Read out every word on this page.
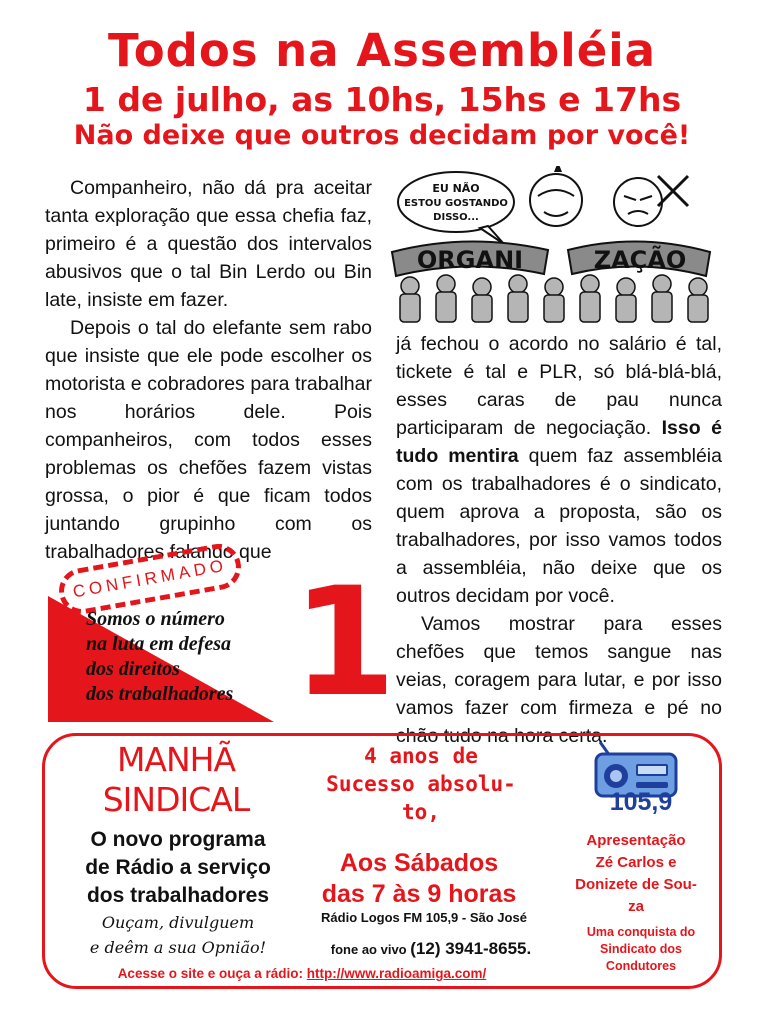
Todos na Assembléia
1 de julho, as 10hs, 15hs e 17hs
Não deixe que outros decidam por você!

Companheiro, não dá pra aceitar tanta exploração que essa chefia faz, primeiro é a questão dos intervalos abusivos que o tal Bin Lerdo ou Bin late, insiste em fazer.

Depois o tal do elefante sem rabo que insiste que ele pode escolher os motorista e cobradores para trabalhar nos horários dele. Pois companheiros, com todos esses problemas os chefões fazem vistas grossa, o pior é que ficam todos juntando grupinho com os trabalhadores falando que

EU NÃO
ESTOU GOSTANDO
DISSO...
ORGANI	ZAÇÃO

já fechou o acordo no salário é tal, tickete é tal e PLR, só blá-blá-blá, esses caras de pau nunca participaram de negociação. Isso é tudo mentira quem faz assembléia com os trabalhadores é o sindicato, quem aprova a proposta, são os trabalhadores, por isso vamos todos a assembléia, não deixe que os outros decidam por você.

Vamos mostrar para esses chefões que temos sangue nas veias, coragem para lutar, e por isso vamos fazer com firmeza e pé no chão tudo na hora certa.

CONFIRMADO
Somos o número
na luta em defesa
dos direitos
dos trabalhadores 1
MANHÃ
SINDICAL
O novo programa
de Rádio a serviço
dos trabalhadores
Ouçam, divulguem
e deêm a sua Opnião!
4 anos de
Sucesso absolu-
to,
Aos Sábados
das 7 às 9 horas
Rádio Logos FM 105,9 - São José
fone ao vivo (12) 3941-8655.
Acesse o site e ouça a rádio: http://www.radioamiga.com/
105,9
Apresentação
Zé Carlos e
Donizete de Sou-
za
Uma conquista do
Sindicato dos
Condutores
